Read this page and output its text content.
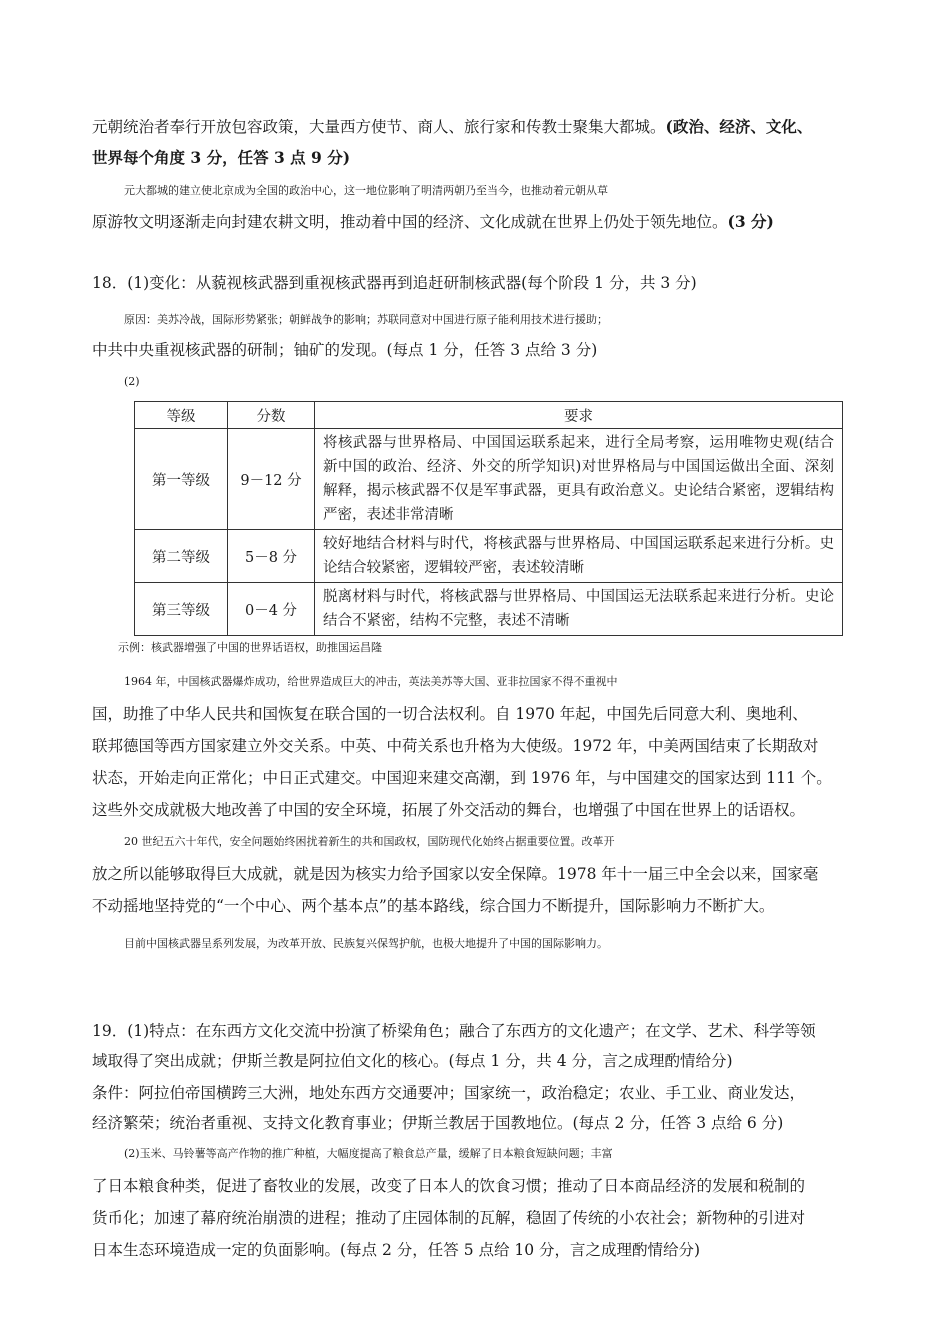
元朝统治者奉行开放包容政策，大量西方使节、商人、旅行家和传教士聚集大都城。(政治、经济、文化、
世界每个角度 3 分，任答 3 点 9 分)
元大都城的建立使北京成为全国的政治中心，这一地位影响了明清两朝乃至当今，也推动着元朝从草
原游牧文明逐渐走向封建农耕文明，推动着中国的经济、文化成就在世界上仍处于领先地位。(3 分)
18．(1)变化：从藐视核武器到重视核武器再到追赶研制核武器(每个阶段 1 分，共 3 分)
原因：美苏冷战，国际形势紧张；朝鲜战争的影响；苏联同意对中国进行原子能利用技术进行援助；
中共中央重视核武器的研制；铀矿的发现。(每点 1 分，任答 3 点给 3 分)
(2)
等级	分数	要求
第一等级	9－12 分	将核武器与世界格局、中国国运联系起来，进行全局考察，运用唯物史观(结合新中国的政治、经济、外交的所学知识)对世界格局与中国国运做出全面、深刻解释，揭示核武器不仅是军事武器，更具有政治意义。史论结合紧密，逻辑结构严密，表述非常清晰
第二等级	5－8 分	较好地结合材料与时代，将核武器与世界格局、中国国运联系起来进行分析。史论结合较紧密，逻辑较严密，表述较清晰
第三等级	0－4 分	脱离材料与时代，将核武器与世界格局、中国国运无法联系起来进行分析。史论结合不紧密，结构不完整，表述不清晰
示例：核武器增强了中国的世界话语权，助推国运昌隆
1964 年，中国核武器爆炸成功，给世界造成巨大的冲击，英法美苏等大国、亚非拉国家不得不重视中
国，助推了中华人民共和国恢复在联合国的一切合法权利。自 1970 年起，中国先后同意大利、奥地利、
联邦德国等西方国家建立外交关系。中英、中荷关系也升格为大使级。1972 年，中美两国结束了长期敌对
状态，开始走向正常化；中日正式建交。中国迎来建交高潮，到 1976 年，与中国建交的国家达到 111 个。
这些外交成就极大地改善了中国的安全环境，拓展了外交活动的舞台，也增强了中国在世界上的话语权。
20 世纪五六十年代，安全问题始终困扰着新生的共和国政权，国防现代化始终占据重要位置。改革开
放之所以能够取得巨大成就，就是因为核实力给予国家以安全保障。1978 年十一届三中全会以来，国家毫
不动摇地坚持党的“一个中心、两个基本点”的基本路线，综合国力不断提升，国际影响力不断扩大。
目前中国核武器呈系列发展，为改革开放、民族复兴保驾护航，也极大地提升了中国的国际影响力。
19．(1)特点：在东西方文化交流中扮演了桥梁角色；融合了东西方的文化遗产；在文学、艺术、科学等领
域取得了突出成就；伊斯兰教是阿拉伯文化的核心。(每点 1 分，共 4 分，言之成理酌情给分)
条件：阿拉伯帝国横跨三大洲，地处东西方交通要冲；国家统一，政治稳定；农业、手工业、商业发达，
经济繁荣；统治者重视、支持文化教育事业；伊斯兰教居于国教地位。(每点 2 分，任答 3 点给 6 分)
(2)玉米、马铃薯等高产作物的推广种植，大幅度提高了粮食总产量，缓解了日本粮食短缺问题；丰富
了日本粮食种类，促进了畜牧业的发展，改变了日本人的饮食习惯；推动了日本商品经济的发展和税制的
货币化；加速了幕府统治崩溃的进程；推动了庄园体制的瓦解，稳固了传统的小农社会；新物种的引进对
日本生态环境造成一定的负面影响。(每点 2 分，任答 5 点给 10 分，言之成理酌情给分)
